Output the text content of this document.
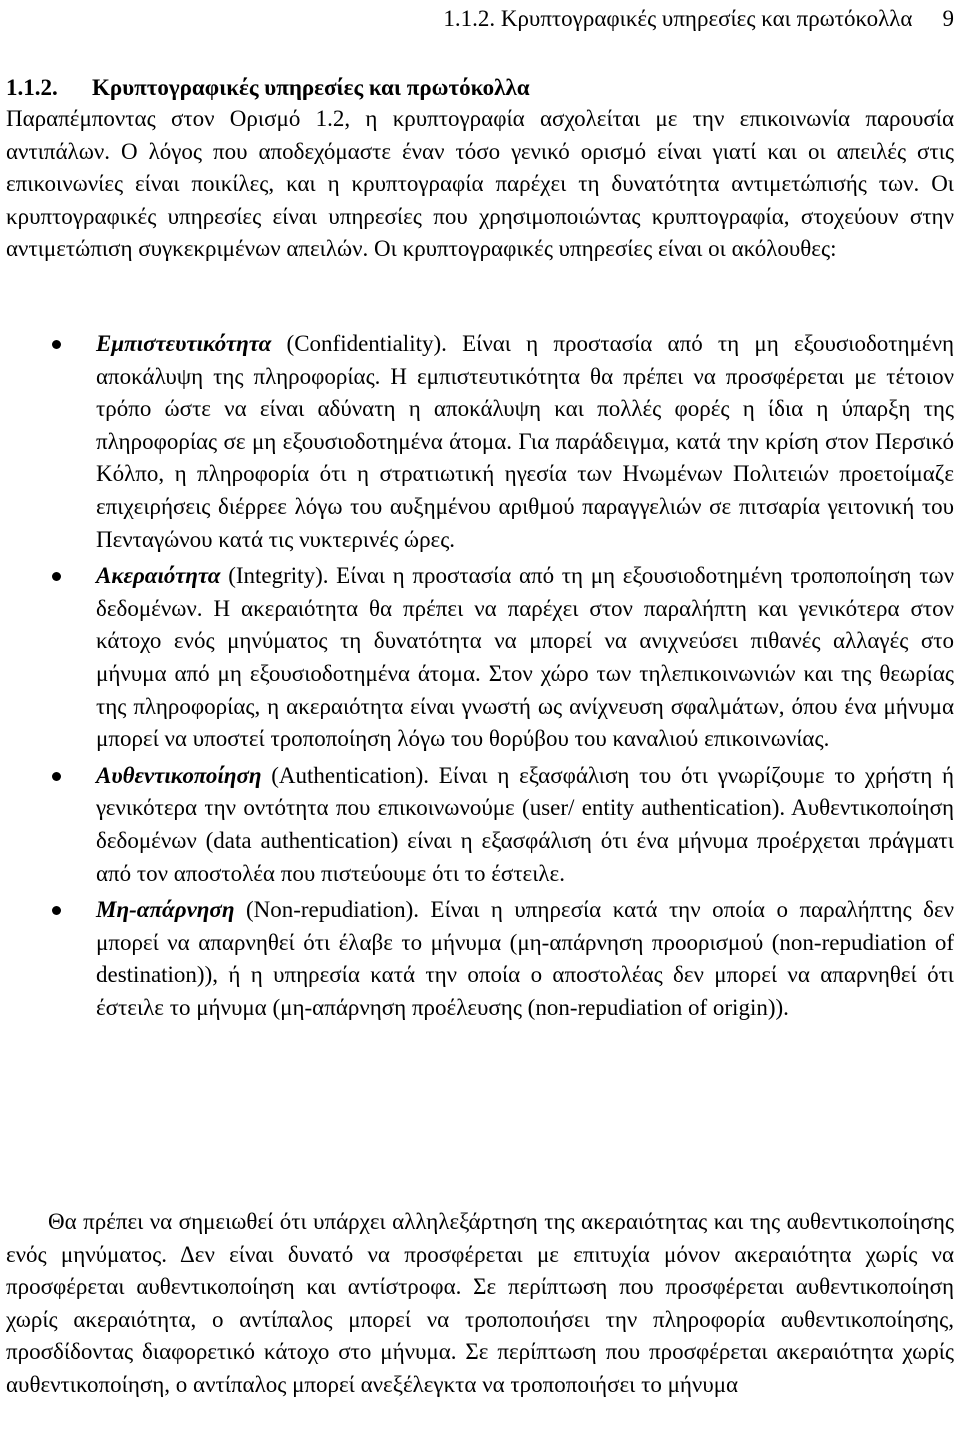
1.1.2. Κρυπτογραφικές υπηρεσίες και πρωτόκολλα 9
1.1.2. Κρυπτογραφικές υπηρεσίες και πρωτόκολλα

Παραπέμποντας στον Ορισμό 1.2, η κρυπτογραφία ασχολείται με την επικοινωνία παρουσία αντιπάλων. Ο λόγος που αποδεχόμαστε έναν τόσο γενικό ορισμό είναι γιατί και οι απειλές στις επικοινωνίες είναι ποικίλες, και η κρυπτογραφία παρέχει τη δυνατότητα αντιμετώπισής των. Οι κρυπτογραφικές υπηρεσίες είναι υπηρεσίες που χρησιμοποιώντας κρυπτογραφία, στοχεύουν στην αντιμετώπιση συγκεκριμένων απειλών. Οι κρυπτογραφικές υπηρεσίες είναι οι ακόλουθες:

Εμπιστευτικότητα (Confidentiality). Είναι η προστασία από τη μη εξουσιοδοτημένη αποκάλυψη της πληροφορίας. Η εμπιστευτικότητα θα πρέπει να προσφέρεται με τέτοιον τρόπο ώστε να είναι αδύνατη η αποκάλυψη και πολλές φορές η ίδια η ύπαρξη της πληροφορίας σε μη εξουσιοδοτημένα άτομα. Για παράδειγμα, κατά την κρίση στον Περσικό Κόλπο, η πληροφορία ότι η στρατιωτική ηγεσία των Ηνωμένων Πολιτειών προετοίμαζε επιχειρήσεις διέρρεε λόγω του αυξημένου αριθμού παραγγελιών σε πιτσαρία γειτονική του Πενταγώνου κατά τις νυκτερινές ώρες.
Ακεραιότητα (Integrity). Είναι η προστασία από τη μη εξουσιοδοτημένη τροποποίηση των δεδομένων. Η ακεραιότητα θα πρέπει να παρέχει στον παραλήπτη και γενικότερα στον κάτοχο ενός μηνύματος τη δυνατότητα να μπορεί να ανιχνεύσει πιθανές αλλαγές στο μήνυμα από μη εξουσιοδοτημένα άτομα. Στον χώρο των τηλεπικοινωνιών και της θεωρίας της πληροφορίας, η ακεραιότητα είναι γνωστή ως ανίχνευση σφαλμάτων, όπου ένα μήνυμα μπορεί να υποστεί τροποποίηση λόγω του θορύβου του καναλιού επικοινωνίας.
Αυθεντικοποίηση (Authentication). Είναι η εξασφάλιση του ότι γνωρίζουμε το χρήστη ή γενικότερα την οντότητα που επικοινωνούμε (user/ entity authentication). Αυθεντικοποίηση δεδομένων (data authentication) είναι η εξασφάλιση ότι ένα μήνυμα προέρχεται πράγματι από τον αποστολέα που πιστεύουμε ότι το έστειλε.
Μη-απάρνηση (Non-repudiation). Είναι η υπηρεσία κατά την οποία ο παραλήπτης δεν μπορεί να απαρνηθεί ότι έλαβε το μήνυμα (μη-απάρνηση προορισμού (non-repudiation of destination)), ή η υπηρεσία κατά την οποία ο αποστολέας δεν μπορεί να απαρνηθεί ότι έστειλε το μήνυμα (μη-απάρνηση προέλευσης (non-repudiation of origin)).

Θα πρέπει να σημειωθεί ότι υπάρχει αλληλεξάρτηση της ακεραιότητας και της αυθεντικοποίησης ενός μηνύματος. Δεν είναι δυνατό να προσφέρεται με επιτυχία μόνον ακεραιότητα χωρίς να προσφέρεται αυθεντικοποίηση και αντίστροφα. Σε περίπτωση που προσφέρεται αυθεντικοποίηση χωρίς ακεραιότητα, ο αντίπαλος μπορεί να τροποποιήσει την πληροφορία αυθεντικοποίησης, προσδίδοντας διαφορετικό κάτοχο στο μήνυμα. Σε περίπτωση που προσφέρεται ακεραιότητα χωρίς αυθεντικοποίηση, ο αντίπαλος μπορεί ανεξέλεγκτα να τροποποιήσει το μήνυμα
